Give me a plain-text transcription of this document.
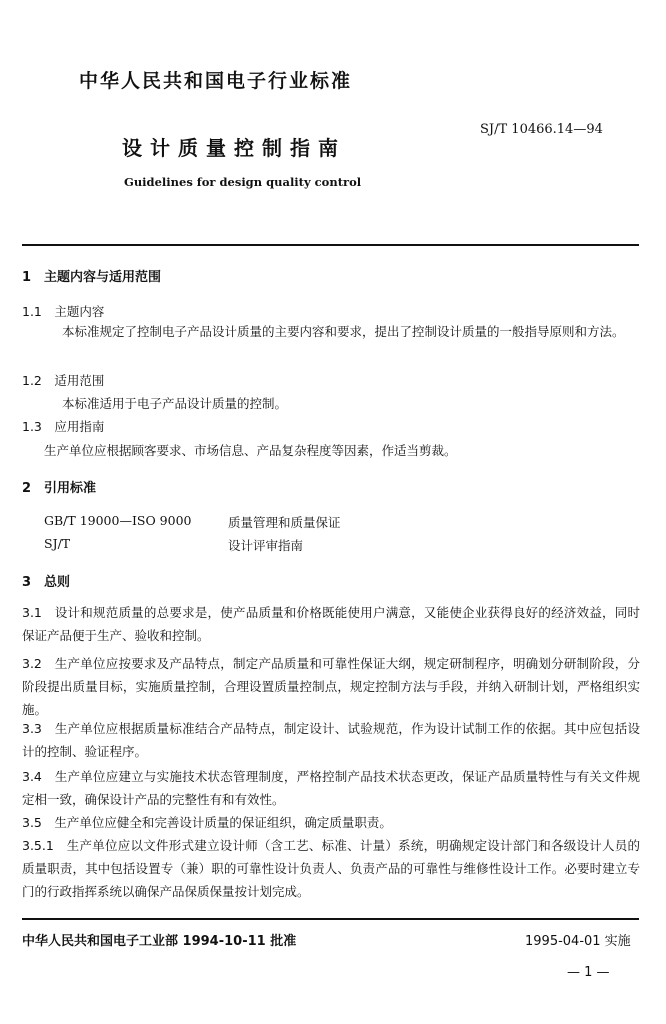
中华人民共和国电子行业标准
SJ/T 10466.14—94
设计质量控制指南
Guidelines for design quality control
1　主题内容与适用范围
1.1　主题内容
本标准规定了控制电子产品设计质量的主要内容和要求，提出了控制设计质量的一般指导原则和方法。
1.2　适用范围
本标准适用于电子产品设计质量的控制。
1.3　应用指南
生产单位应根据顾客要求、市场信息、产品复杂程度等因素，作适当剪裁。
2　引用标准
GB/T 19000—ISO 9000	质量管理和质量保证
SJ/T	设计评审指南
3　总则
3.1　设计和规范质量的总要求是，使产品质量和价格既能使用户满意，又能使企业获得良好的经济效益，同时保证产品便于生产、验收和控制。
3.2　生产单位应按要求及产品特点，制定产品质量和可靠性保证大纲，规定研制程序，明确划分研制阶段，分阶段提出质量目标，实施质量控制，合理设置质量控制点，规定控制方法与手段，并纳入研制计划，严格组织实施。
3.3　生产单位应根据质量标准结合产品特点，制定设计、试验规范，作为设计试制工作的依据。其中应包括设计的控制、验证程序。
3.4　生产单位应建立与实施技术状态管理制度，严格控制产品技术状态更改，保证产品质量特性与有关文件规定相一致，确保设计产品的完整性有和有效性。
3.5　生产单位应健全和完善设计质量的保证组织，确定质量职责。
3.5.1　生产单位应以文件形式建立设计师（含工艺、标准、计量）系统，明确规定设计部门和各级设计人员的质量职责，其中包括设置专（兼）职的可靠性设计负责人、负责产品的可靠性与维修性设计工作。必要时建立专门的行政指挥系统以确保产品保质保量按计划完成。
中华人民共和国电子工业部 1994-10-11 批准	1995-04-01 实施
— 1 —
